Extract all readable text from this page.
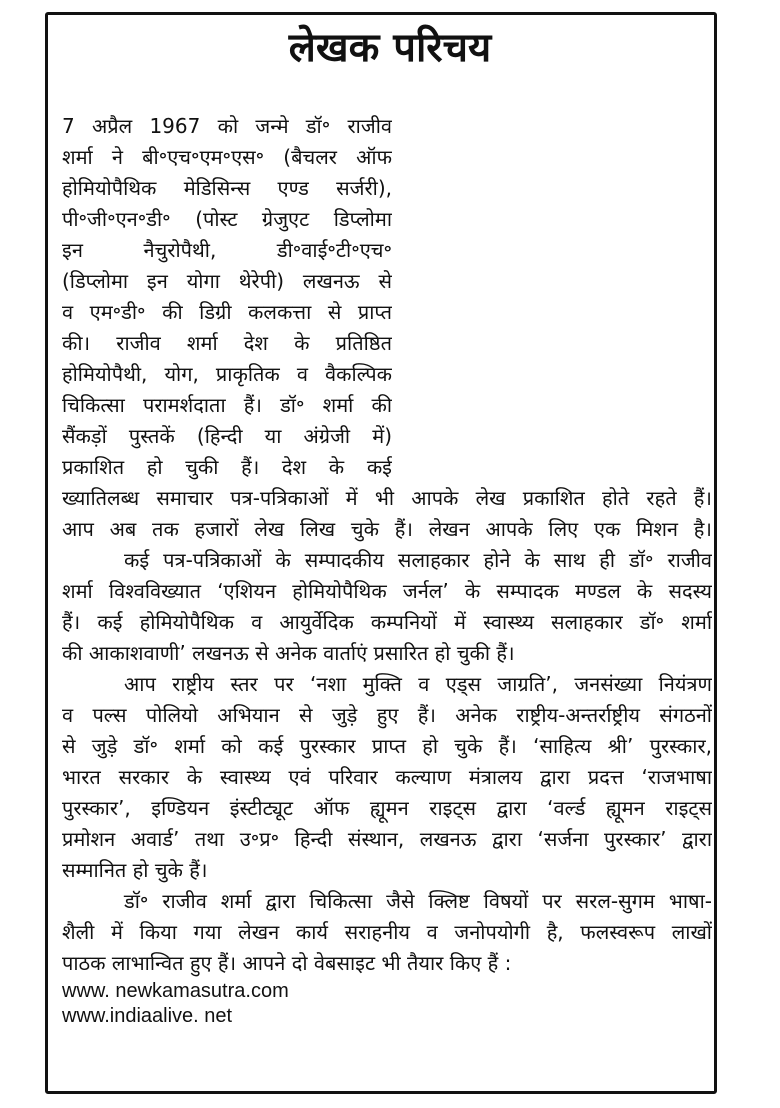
लेखक परिचय
7 अप्रैल 1967 को जन्मे डॉ॰ राजीव
शर्मा ने बी॰एच॰एम॰एस॰ (बैचलर ऑफ
होमियोपैथिक मेडिसिन्स एण्ड सर्जरी),
पी॰जी॰एन॰डी॰ (पोस्ट ग्रेजुएट डिप्लोमा
इन नैचुरोपैथी, डी॰वाई॰टी॰एच॰
(डिप्लोमा इन योगा थेरेपी) लखनऊ से
व एम॰डी॰ की डिग्री कलकत्ता से प्राप्त
की। राजीव शर्मा देश के प्रतिष्ठित
होमियोपैथी, योग, प्राकृतिक व वैकल्पिक
चिकित्सा परामर्शदाता हैं। डॉ॰ शर्मा की
सैंकड़ों पुस्तकें (हिन्दी या अंग्रेजी में)
प्रकाशित हो चुकी हैं। देश के कई
ख्यातिलब्ध समाचार पत्र-पत्रिकाओं में भी आपके लेख प्रकाशित होते रहते हैं।
आप अब तक हजारों लेख लिख चुके हैं। लेखन आपके लिए एक मिशन है।
कई पत्र-पत्रिकाओं के सम्पादकीय सलाहकार होने के साथ ही डॉ॰ राजीव
शर्मा विश्वविख्यात ‘एशियन होमियोपैथिक जर्नल’ के सम्पादक मण्डल के सदस्य
हैं। कई होमियोपैथिक व आयुर्वेदिक कम्पनियों में स्वास्थ्य सलाहकार डॉ॰ शर्मा
की आकाशवाणी’ लखनऊ से अनेक वार्ताएं प्रसारित हो चुकी हैं।
आप राष्ट्रीय स्तर पर ‘नशा मुक्ति व एड्स जाग्रति’, जनसंख्या नियंत्रण
व पल्स पोलियो अभियान से जुड़े हुए हैं। अनेक राष्ट्रीय-अन्तर्राष्ट्रीय संगठनों
से जुड़े डॉ॰ शर्मा को कई पुरस्कार प्राप्त हो चुके हैं। ‘साहित्य श्री’ पुरस्कार,
भारत सरकार के स्वास्थ्य एवं परिवार कल्याण मंत्रालय द्वारा प्रदत्त ‘राजभाषा
पुरस्कार’, इण्डियन इंस्टीट्यूट ऑफ ह्यूमन राइट्स द्वारा ‘वर्ल्ड ह्यूमन राइट्स
प्रमोशन अवार्ड’ तथा उ॰प्र॰ हिन्दी संस्थान, लखनऊ द्वारा ‘सर्जना पुरस्कार’ द्वारा
सम्मानित हो चुके हैं।
डॉ॰ राजीव शर्मा द्वारा चिकित्सा जैसे क्लिष्ट विषयों पर सरल-सुगम भाषा-
शैली में किया गया लेखन कार्य सराहनीय व जनोपयोगी है, फलस्वरूप लाखों
पाठक लाभान्वित हुए हैं। आपने दो वेबसाइट भी तैयार किए हैं :
www. newkamasutra.com
www.indiaalive. net
